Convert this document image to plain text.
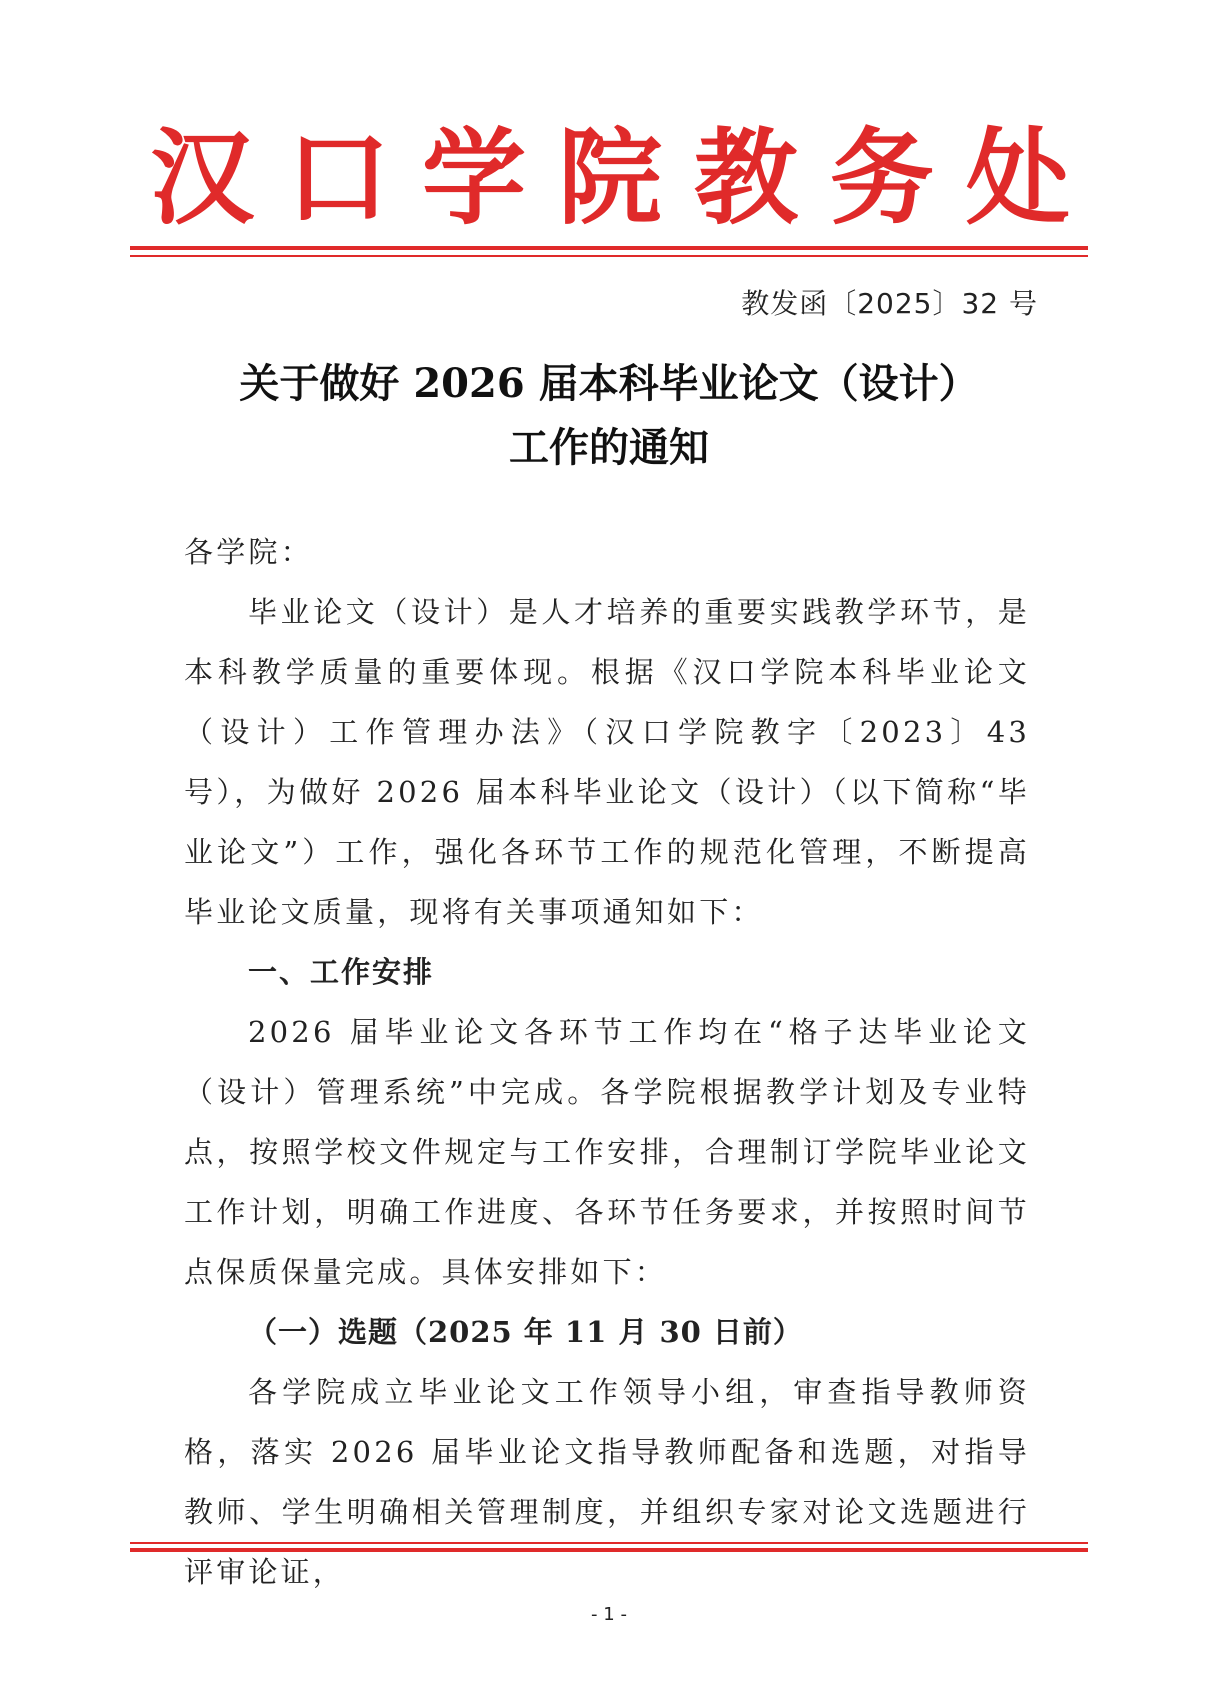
汉 口 学 院 教 务 处
教发函〔2025〕32 号
关于做好 2026 届本科毕业论文（设计）
工作的通知

各学院：

毕业论文（设计）是人才培养的重要实践教学环节，是本科教学质量的重要体现。根据《汉口学院本科毕业论文（设计）工作管理办法》（汉口学院教字〔2023〕43 号），为做好 2026 届本科毕业论文（设计）（以下简称“毕业论文”）工作，强化各环节工作的规范化管理，不断提高毕业论文质量，现将有关事项通知如下：

一、工作安排

2026 届毕业论文各环节工作均在“格子达毕业论文（设计）管理系统”中完成。各学院根据教学计划及专业特点，按照学校文件规定与工作安排，合理制订学院毕业论文工作计划，明确工作进度、各环节任务要求，并按照时间节点保质保量完成。具体安排如下：

（一）选题（2025 年 11 月 30 日前）

各学院成立毕业论文工作领导小组，审查指导教师资格，落实 2026 届毕业论文指导教师配备和选题，对指导教师、学生明确相关管理制度，并组织专家对论文选题进行评审论证，

- 1 -
